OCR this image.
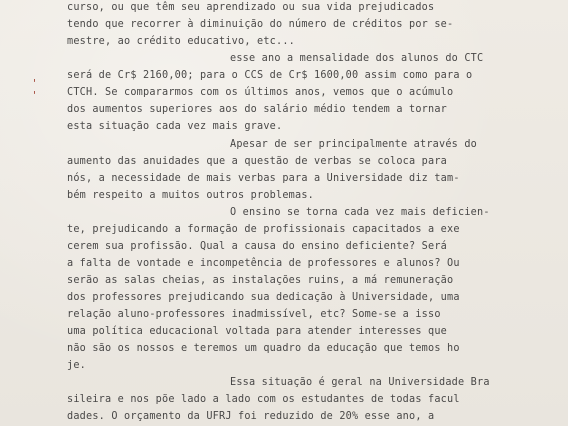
curso, ou que têm seu aprendizado ou sua vida prejudicados
tendo que recorrer à diminuição do número de créditos por se-
mestre, ao crédito educativo, etc...
esse ano a mensalidade dos alunos do CTC
será de Cr$ 2160,00; para o CCS de Cr$ 1600,00 assim como para o
CTCH. Se compararmos com os últimos anos, vemos que o acúmulo
dos aumentos superiores aos do salário médio tendem a tornar
esta situação cada vez mais grave.
Apesar de ser principalmente através do
aumento das anuidades que a questão de verbas se coloca para
nós, a necessidade de mais verbas para a Universidade diz tam-
bém respeito a muitos outros problemas.
O ensino se torna cada vez mais deficien-
te, prejudicando a formação de profissionais capacitados a exe
cerem sua profissão. Qual a causa do ensino deficiente? Será
a falta de vontade e incompetência de professores e alunos? Ou
serão as salas cheias, as instalações ruins, a má remuneração
dos professores prejudicando sua dedicação à Universidade, uma
relação aluno-professores inadmissível, etc? Some-se a isso
uma política educacional voltada para atender interesses que
não são os nossos e teremos um quadro da educação que temos ho
je.
Essa situação é geral na Universidade Bra
sileira e nos põe lado a lado com os estudantes de todas facul
dades. O orçamento da UFRJ foi reduzido de 20% esse ano, a
'
'
